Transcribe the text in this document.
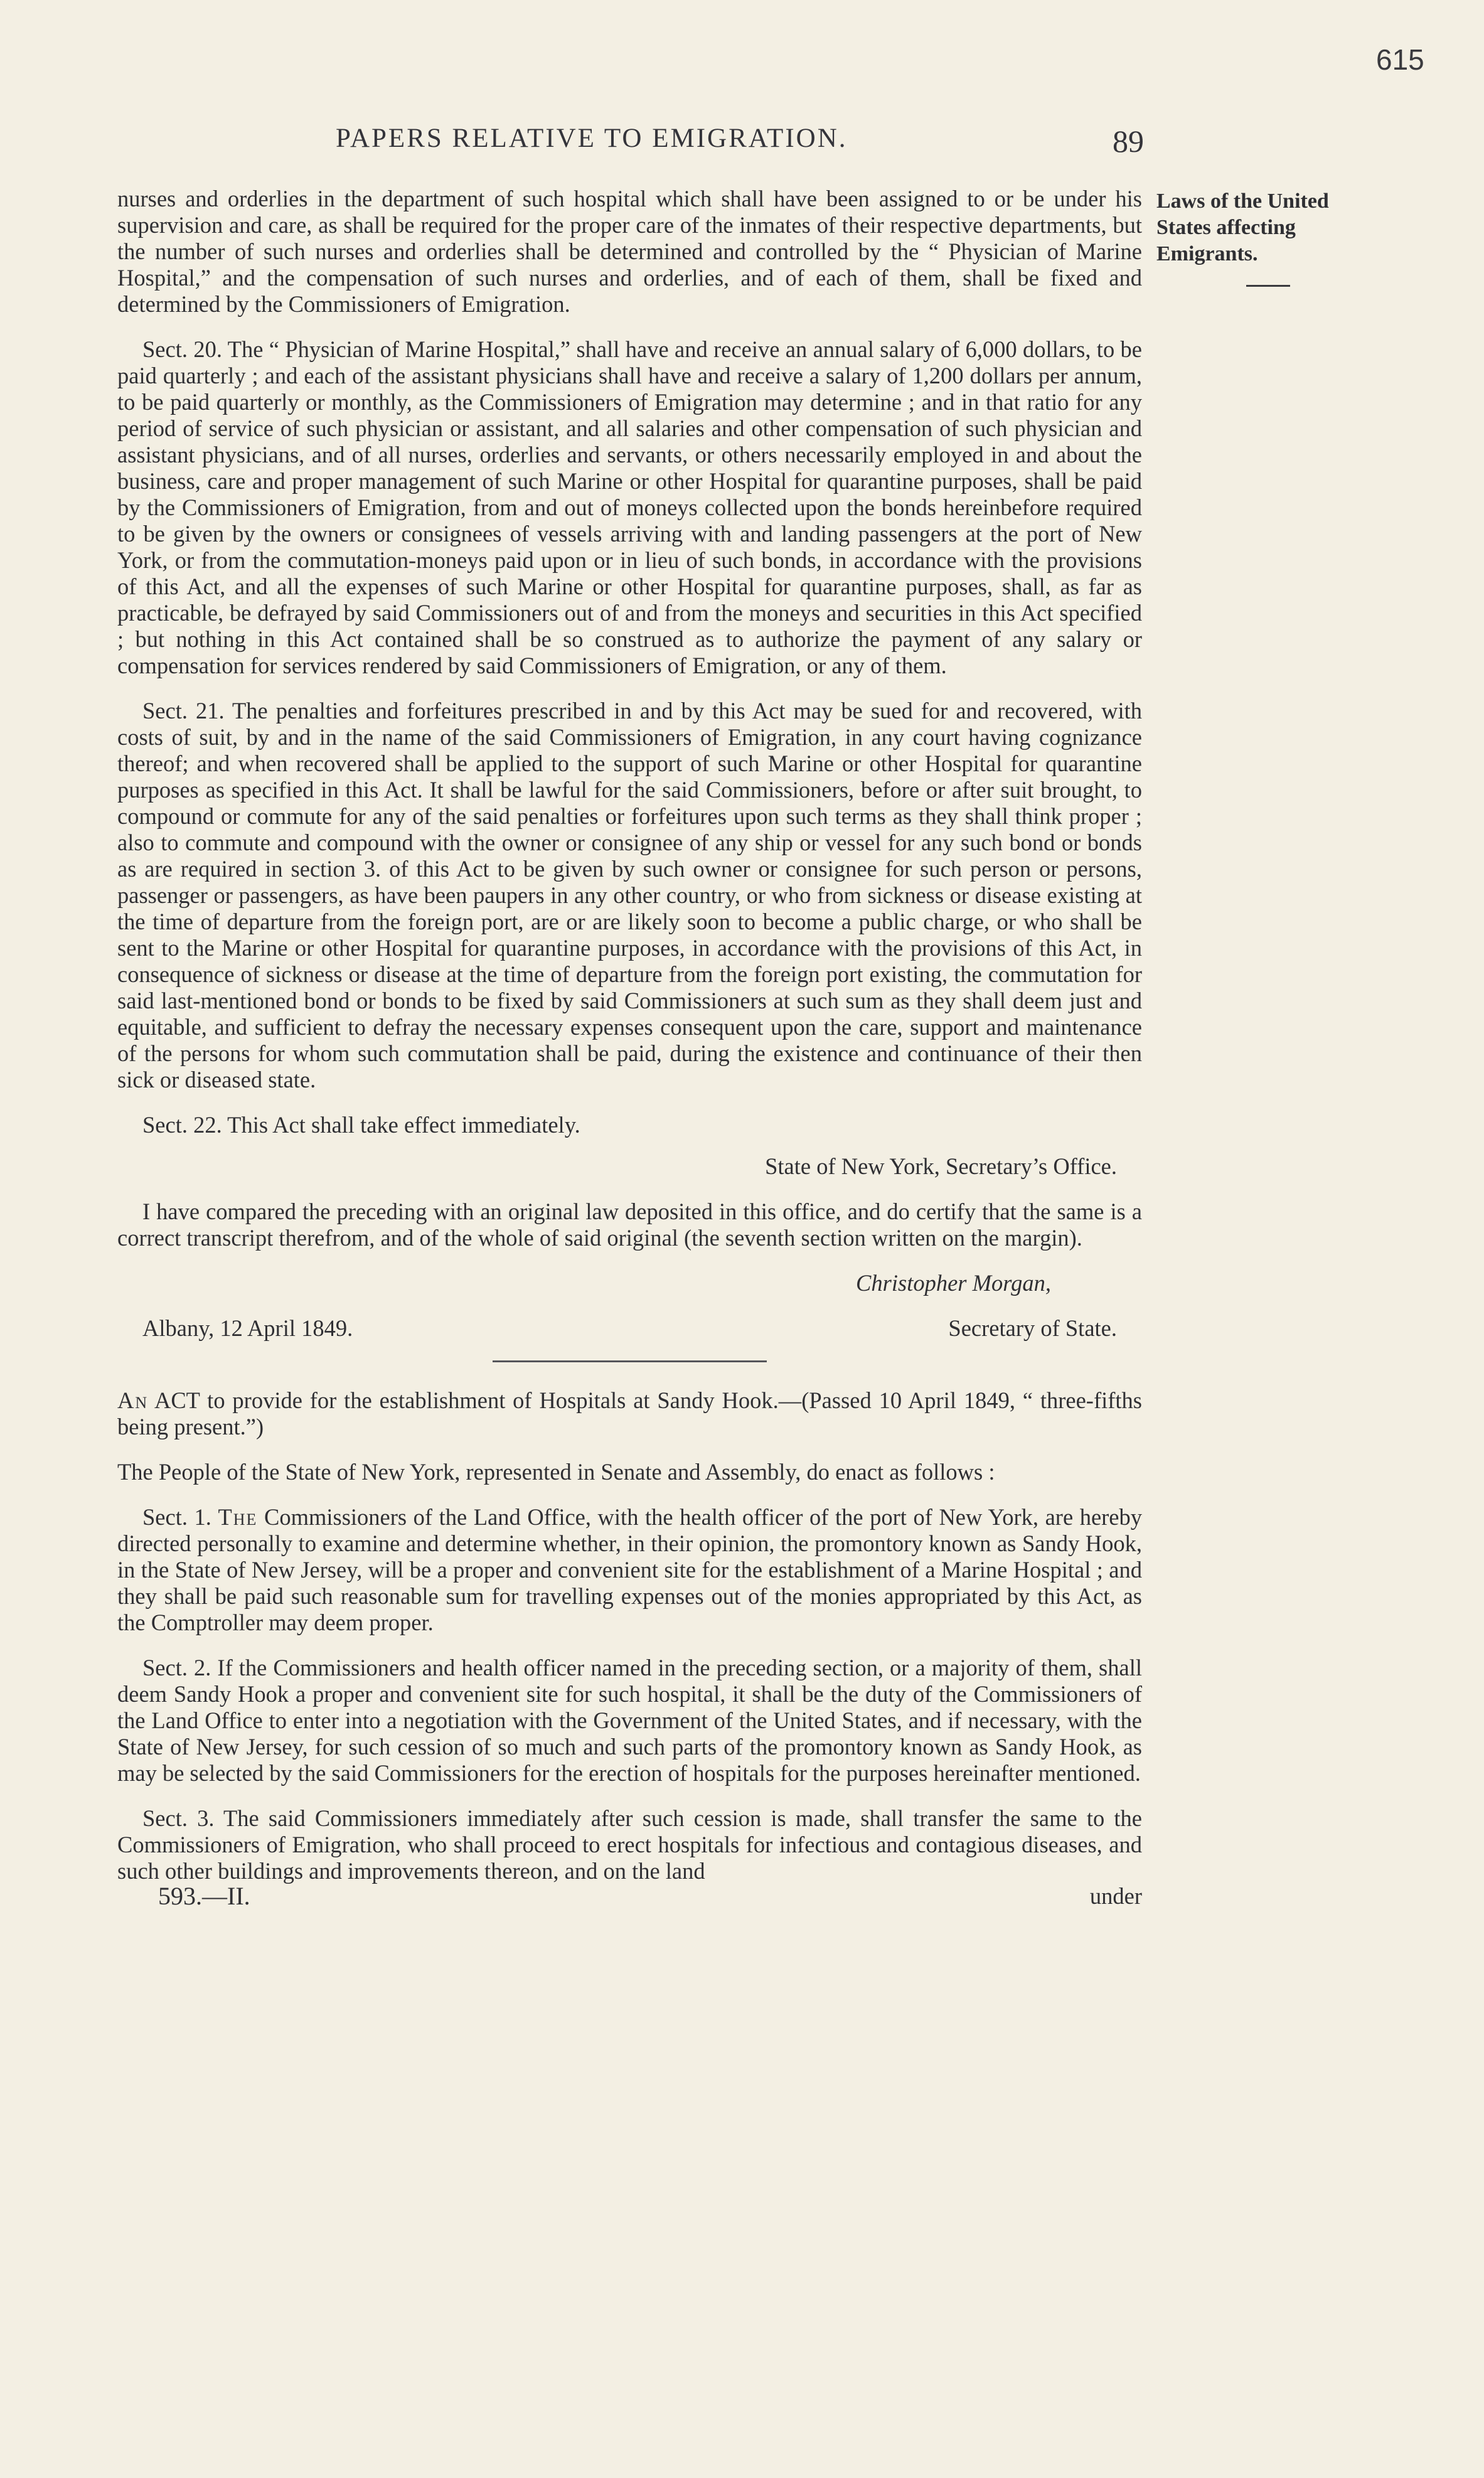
615
PAPERS RELATIVE TO EMIGRATION.	89
Laws of the United
States affecting
Emigrants.

nurses and orderlies in the department of such hospital which shall have been assigned to or be under his supervision and care, as shall be required for the proper care of the inmates of their respective departments, but the number of such nurses and orderlies shall be determined and controlled by the “ Physician of Marine Hospital,” and the compensation of such nurses and orderlies, and of each of them, shall be fixed and determined by the Commissioners of Emigration.

Sect. 20. The “ Physician of Marine Hospital,” shall have and receive an annual salary of 6,000 dollars, to be paid quarterly ; and each of the assistant physicians shall have and receive a salary of 1,200 dollars per annum, to be paid quarterly or monthly, as the Commissioners of Emigration may determine ; and in that ratio for any period of service of such physician or assistant, and all salaries and other compensation of such physician and assistant physicians, and of all nurses, orderlies and servants, or others necessarily employed in and about the business, care and proper management of such Marine or other Hospital for quarantine purposes, shall be paid by the Commissioners of Emigration, from and out of moneys collected upon the bonds hereinbefore required to be given by the owners or consignees of vessels arriving with and landing passengers at the port of New York, or from the commutation-moneys paid upon or in lieu of such bonds, in accordance with the provisions of this Act, and all the expenses of such Marine or other Hospital for quarantine purposes, shall, as far as practicable, be defrayed by said Commissioners out of and from the moneys and securities in this Act specified ; but nothing in this Act contained shall be so construed as to authorize the payment of any salary or compensation for services rendered by said Commissioners of Emigration, or any of them.

Sect. 21. The penalties and forfeitures prescribed in and by this Act may be sued for and recovered, with costs of suit, by and in the name of the said Commissioners of Emigration, in any court having cognizance thereof; and when recovered shall be applied to the support of such Marine or other Hospital for quarantine purposes as specified in this Act. It shall be lawful for the said Commissioners, before or after suit brought, to compound or commute for any of the said penalties or forfeitures upon such terms as they shall think proper ; also to commute and compound with the owner or consignee of any ship or vessel for any such bond or bonds as are required in section 3. of this Act to be given by such owner or consignee for such person or persons, passenger or passengers, as have been paupers in any other country, or who from sickness or disease existing at the time of departure from the foreign port, are or are likely soon to become a public charge, or who shall be sent to the Marine or other Hospital for quarantine purposes, in accordance with the provisions of this Act, in consequence of sickness or disease at the time of departure from the foreign port existing, the commutation for said last-mentioned bond or bonds to be fixed by said Commissioners at such sum as they shall deem just and equitable, and sufficient to defray the necessary expenses consequent upon the care, support and maintenance of the persons for whom such commutation shall be paid, during the existence and continuance of their then sick or diseased state.

Sect. 22. This Act shall take effect immediately.

State of New York, Secretary’s Office.

I have compared the preceding with an original law deposited in this office, and do certify that the same is a correct transcript therefrom, and of the whole of said original (the seventh section written on the margin).

Christopher Morgan,

Albany, 12 April 1849.	Secretary of State.

An ACT to provide for the establishment of Hospitals at Sandy Hook.—(Passed 10 April 1849, “ three-fifths being present.”)

The People of the State of New York, represented in Senate and Assembly, do enact as follows :

Sect. 1. The Commissioners of the Land Office, with the health officer of the port of New York, are hereby directed personally to examine and determine whether, in their opinion, the promontory known as Sandy Hook, in the State of New Jersey, will be a proper and convenient site for the establishment of a Marine Hospital ; and they shall be paid such reasonable sum for travelling expenses out of the monies appropriated by this Act, as the Comptroller may deem proper.

Sect. 2. If the Commissioners and health officer named in the preceding section, or a majority of them, shall deem Sandy Hook a proper and convenient site for such hospital, it shall be the duty of the Commissioners of the Land Office to enter into a negotiation with the Government of the United States, and if necessary, with the State of New Jersey, for such cession of so much and such parts of the promontory known as Sandy Hook, as may be selected by the said Commissioners for the erection of hospitals for the purposes hereinafter mentioned.

Sect. 3. The said Commissioners immediately after such cession is made, shall transfer the same to the Commissioners of Emigration, who shall proceed to erect hospitals for infectious and contagious diseases, and such other buildings and improvements thereon, and on the land

593.—II.	under
